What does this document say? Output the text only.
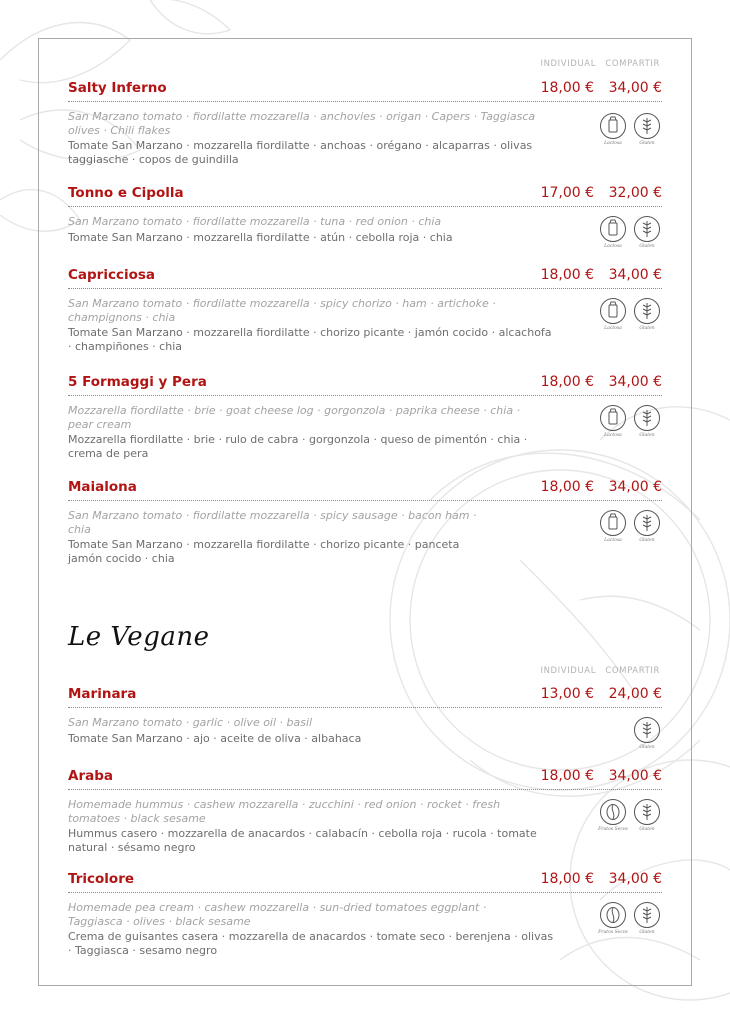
INDIVIDUAL COMPARTIR
INDIVIDUAL COMPARTIR
Le Vegane
Salty Inferno	18,00 € 34,00 €
San Marzano tomato · fiordilatte mozzarella · anchovies · origan · Capers · Taggiasca olives · Chili flakes
Tomate San Marzano · mozzarella fiordilatte · anchoas · orégano · alcaparras · olivas taggiasche · copos de guindilla
Lactosa	Gluten
Tonno e Cipolla	17,00 € 32,00 €
San Marzano tomato · fiordilatte mozzarella · tuna · red onion · chia
Tomate San Marzano · mozzarella fiordilatte · atún · cebolla roja · chia
Lactosa	Gluten
Capricciosa	18,00 € 34,00 €
San Marzano tomato · fiordilatte mozzarella · spicy chorizo · ham · artichoke · champignons · chia
Tomate San Marzano · mozzarella fiordilatte · chorizo picante · jamón cocido · alcachofa · champiñones · chia
Lactosa	Gluten
5 Formaggi y Pera	18,00 € 34,00 €
Mozzarella fiordilatte · brie · goat cheese log · gorgonzola · paprika cheese · chia · pear cream
Mozzarella fiordilatte · brie · rulo de cabra · gorgonzola · queso de pimentón · chia · crema de pera
Lactosa	Gluten
Maialona	18,00 € 34,00 €
San Marzano tomato · fiordilatte mozzarella · spicy sausage · bacon ham · chia
Tomate San Marzano · mozzarella fiordilatte · chorizo picante · panceta jamón cocido · chia
Lactosa	Gluten
Marinara	13,00 € 24,00 €
San Marzano tomato · garlic · olive oil · basil
Tomate San Marzano · ajo · aceite de oliva · albahaca
Gluten
Araba	18,00 € 34,00 €
Homemade hummus · cashew mozzarella · zucchini · red onion · rocket · fresh tomatoes · black sesame
Hummus casero · mozzarella de anacardos · calabacín · cebolla roja · rucola · tomate natural · sésamo negro
Frutos Secos	Gluten
Tricolore	18,00 € 34,00 €
Homemade pea cream · cashew mozzarella · sun-dried tomatoes eggplant · Taggiasca · olives · black sesame
Crema de guisantes casera · mozzarella de anacardos · tomate seco · berenjena · olivas · Taggiasca · sesamo negro
Frutos Secos	Gluten
